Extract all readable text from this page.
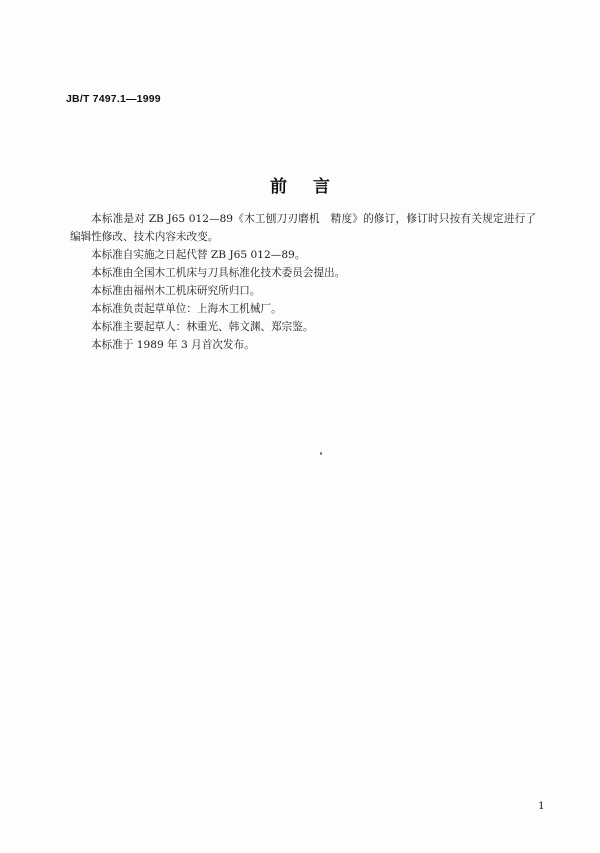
JB/T 7497.1—1999
前言

本标准是对 ZB J65 012—89《木工刨刀刃磨机　精度》的修订，修订时只按有关规定进行了编辑性修改、技术内容未改变。

本标准自实施之日起代替 ZB J65 012—89。

本标准由全国木工机床与刀具标准化技术委员会提出。

本标准由福州木工机床研究所归口。

本标准负责起草单位：上海木工机械厂。

本标准主要起草人：林重光、韩文渊、郑宗鉴。

本标准于 1989 年 3 月首次发布。

1
